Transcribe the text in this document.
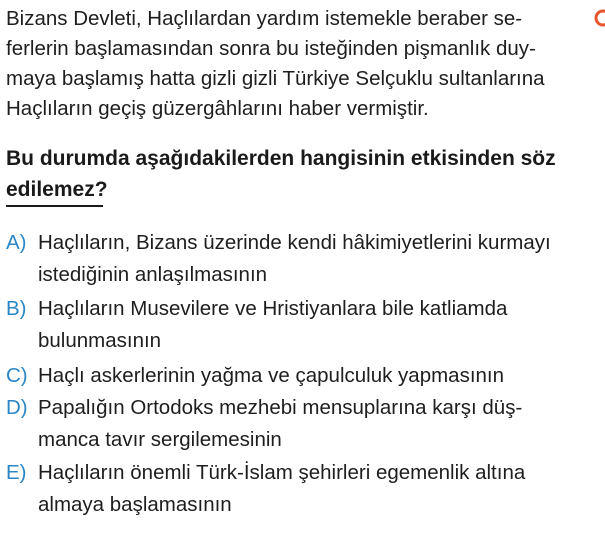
Bizans Devleti, Haçlılardan yardım istemekle beraber se-
ferlerin başlamasından sonra bu isteğinden pişmanlık duy-
maya başlamış hatta gizli gizli Türkiye Selçuklu sultanlarına
Haçlıların geçiş güzergâhlarını haber vermiştir.
Bu durumda aşağıdakilerden hangisinin etkisinden söz
edilemez?
A) Haçlıların, Bizans üzerinde kendi hâkimiyetlerini kurmayı
istediğinin anlaşılmasının
B) Haçlıların Musevilere ve Hristiyanlara bile katliamda
bulunmasının
C) Haçlı askerlerinin yağma ve çapulculuk yapmasının
D) Papalığın Ortodoks mezhebi mensuplarına karşı düş-
manca tavır sergilemesinin
E) Haçlıların önemli Türk-İslam şehirleri egemenlik altına
almaya başlamasının
